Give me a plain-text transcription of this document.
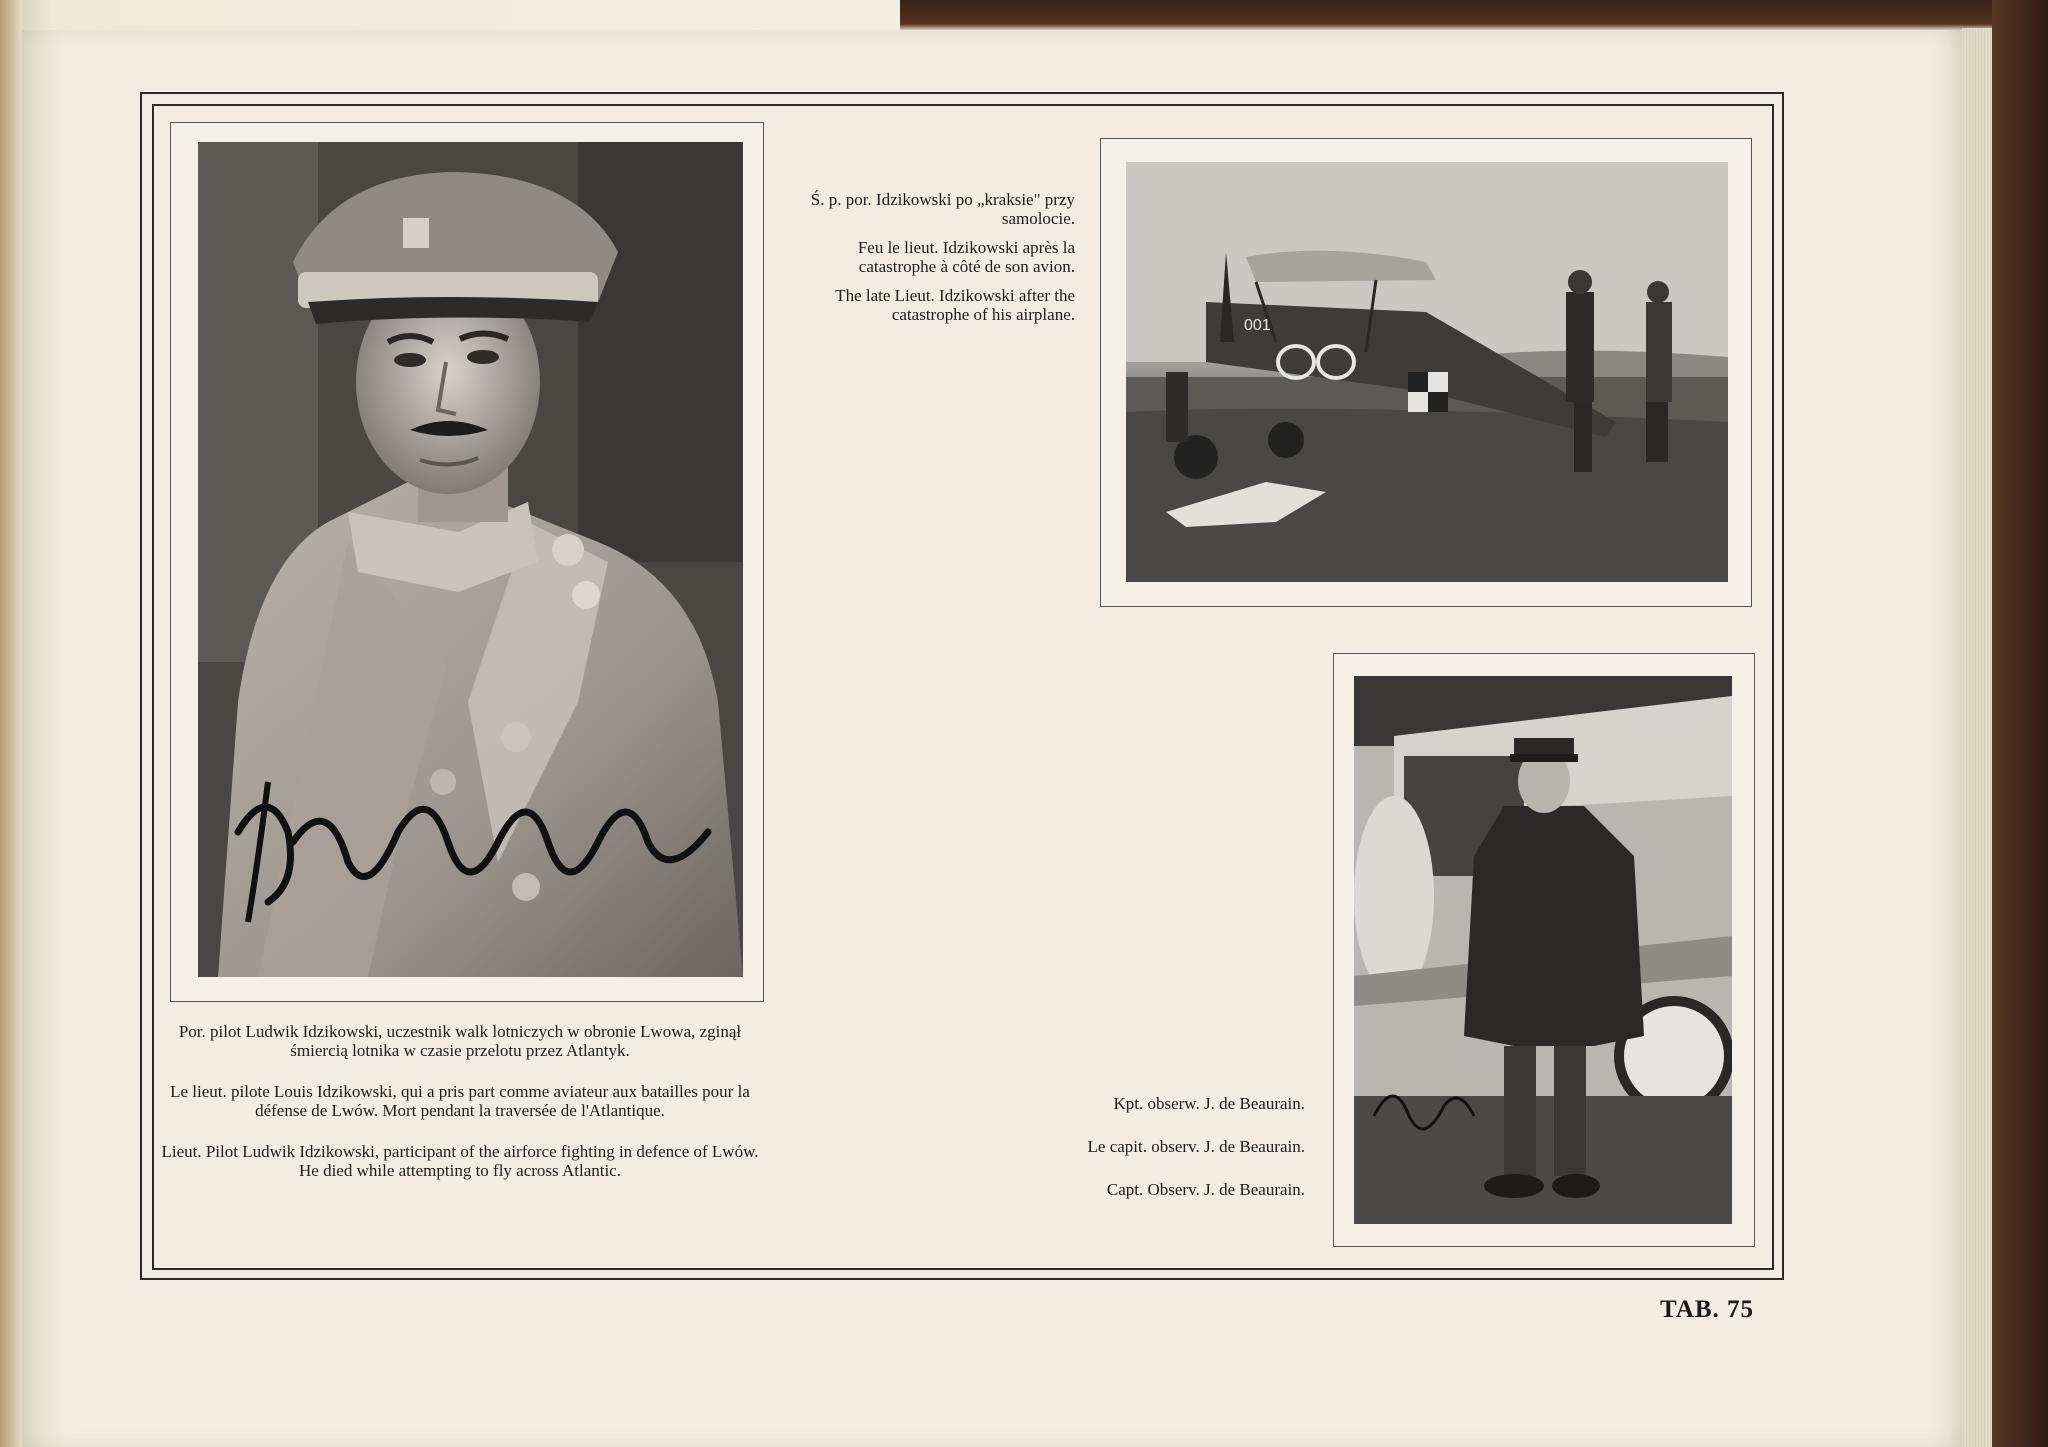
Ś. p. por. Idzikowski po „kraksie" przy samolocie.
Feu le lieut. Idzikowski après la catastrophe à côté de son avion.
The late Lieut. Idzikowski after the catastrophe of his airplane.
001
Por. pilot Ludwik Idzikowski, uczestnik walk lotniczych w obronie Lwowa, zginął śmiercią lotnika w czasie przelotu przez Atlantyk.
Le lieut. pilote Louis Idzikowski, qui a pris part comme aviateur aux batailles pour la défense de Lwów. Mort pendant la traversée de l'Atlantique.
Lieut. Pilot Ludwik Idzikowski, participant of the airforce fighting in defence of Lwów. He died while attempting to fly across Atlantic.
Kpt. obserw. J. de Beaurain.
Le capit. observ. J. de Beaurain.
Capt. Observ. J. de Beaurain.
TAB. 75
